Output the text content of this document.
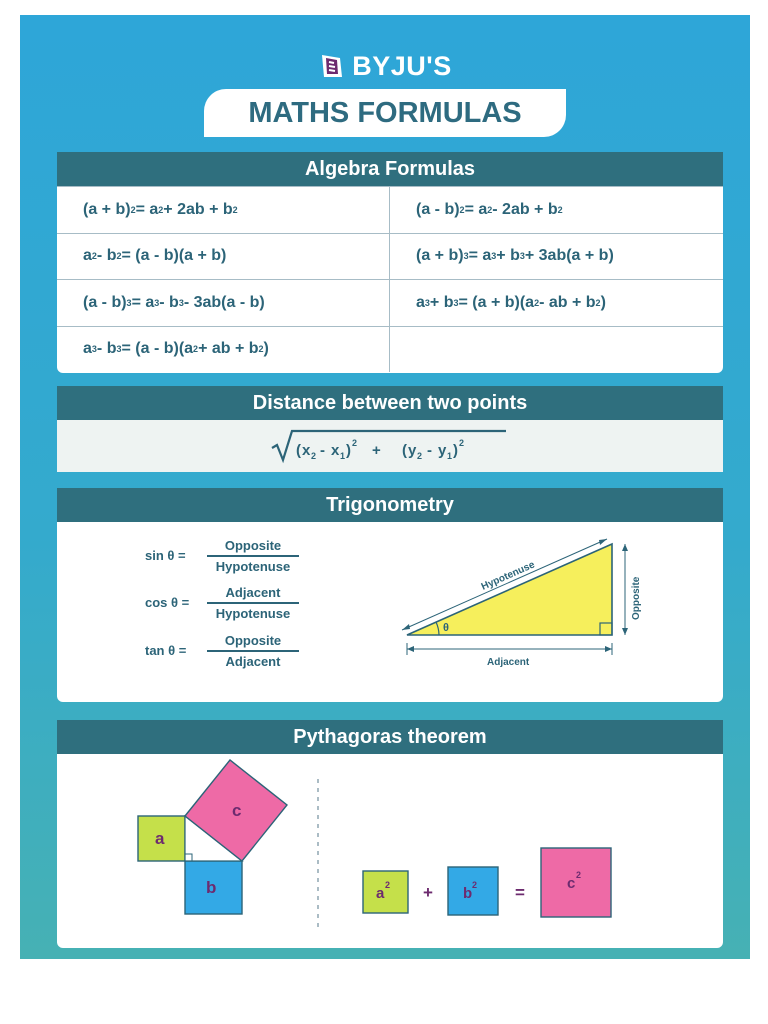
BYJU'S
MATHS FORMULAS
Algebra Formulas
(a + b) 2 = a 2 + 2ab + b 2	(a - b) 2 = a 2 - 2ab + b 2
a 2 - b 2 = (a - b)(a + b)	(a + b) 3 = a 3 + b 3 + 3ab(a + b)
(a - b) 3 = a 3 - b 3 - 3ab(a - b)	a 3 + b 3 = (a + b)(a 2 - ab + b 2 )
a 3 - b 3 = (a - b)(a 2 + ab + b 2 )
Distance between two points
( x 2 - x 1 ) 2 + ( y 2 - y 1 ) 2
Trigonometry
sin θ =	$\frac{\text{Opposite}}{\text{Hypotenuse}}$
cos θ =	$\frac{\text{Adjacent}}{\text{Hypotenuse}}$
tan θ =	$\frac{\text{Opposite}}{\text{Adjacent}}$
Hypotenuse
Opposite
Adjacent
θ
Pythagoras theorem
a
b
c
a 2 + b 2 =	c 2
